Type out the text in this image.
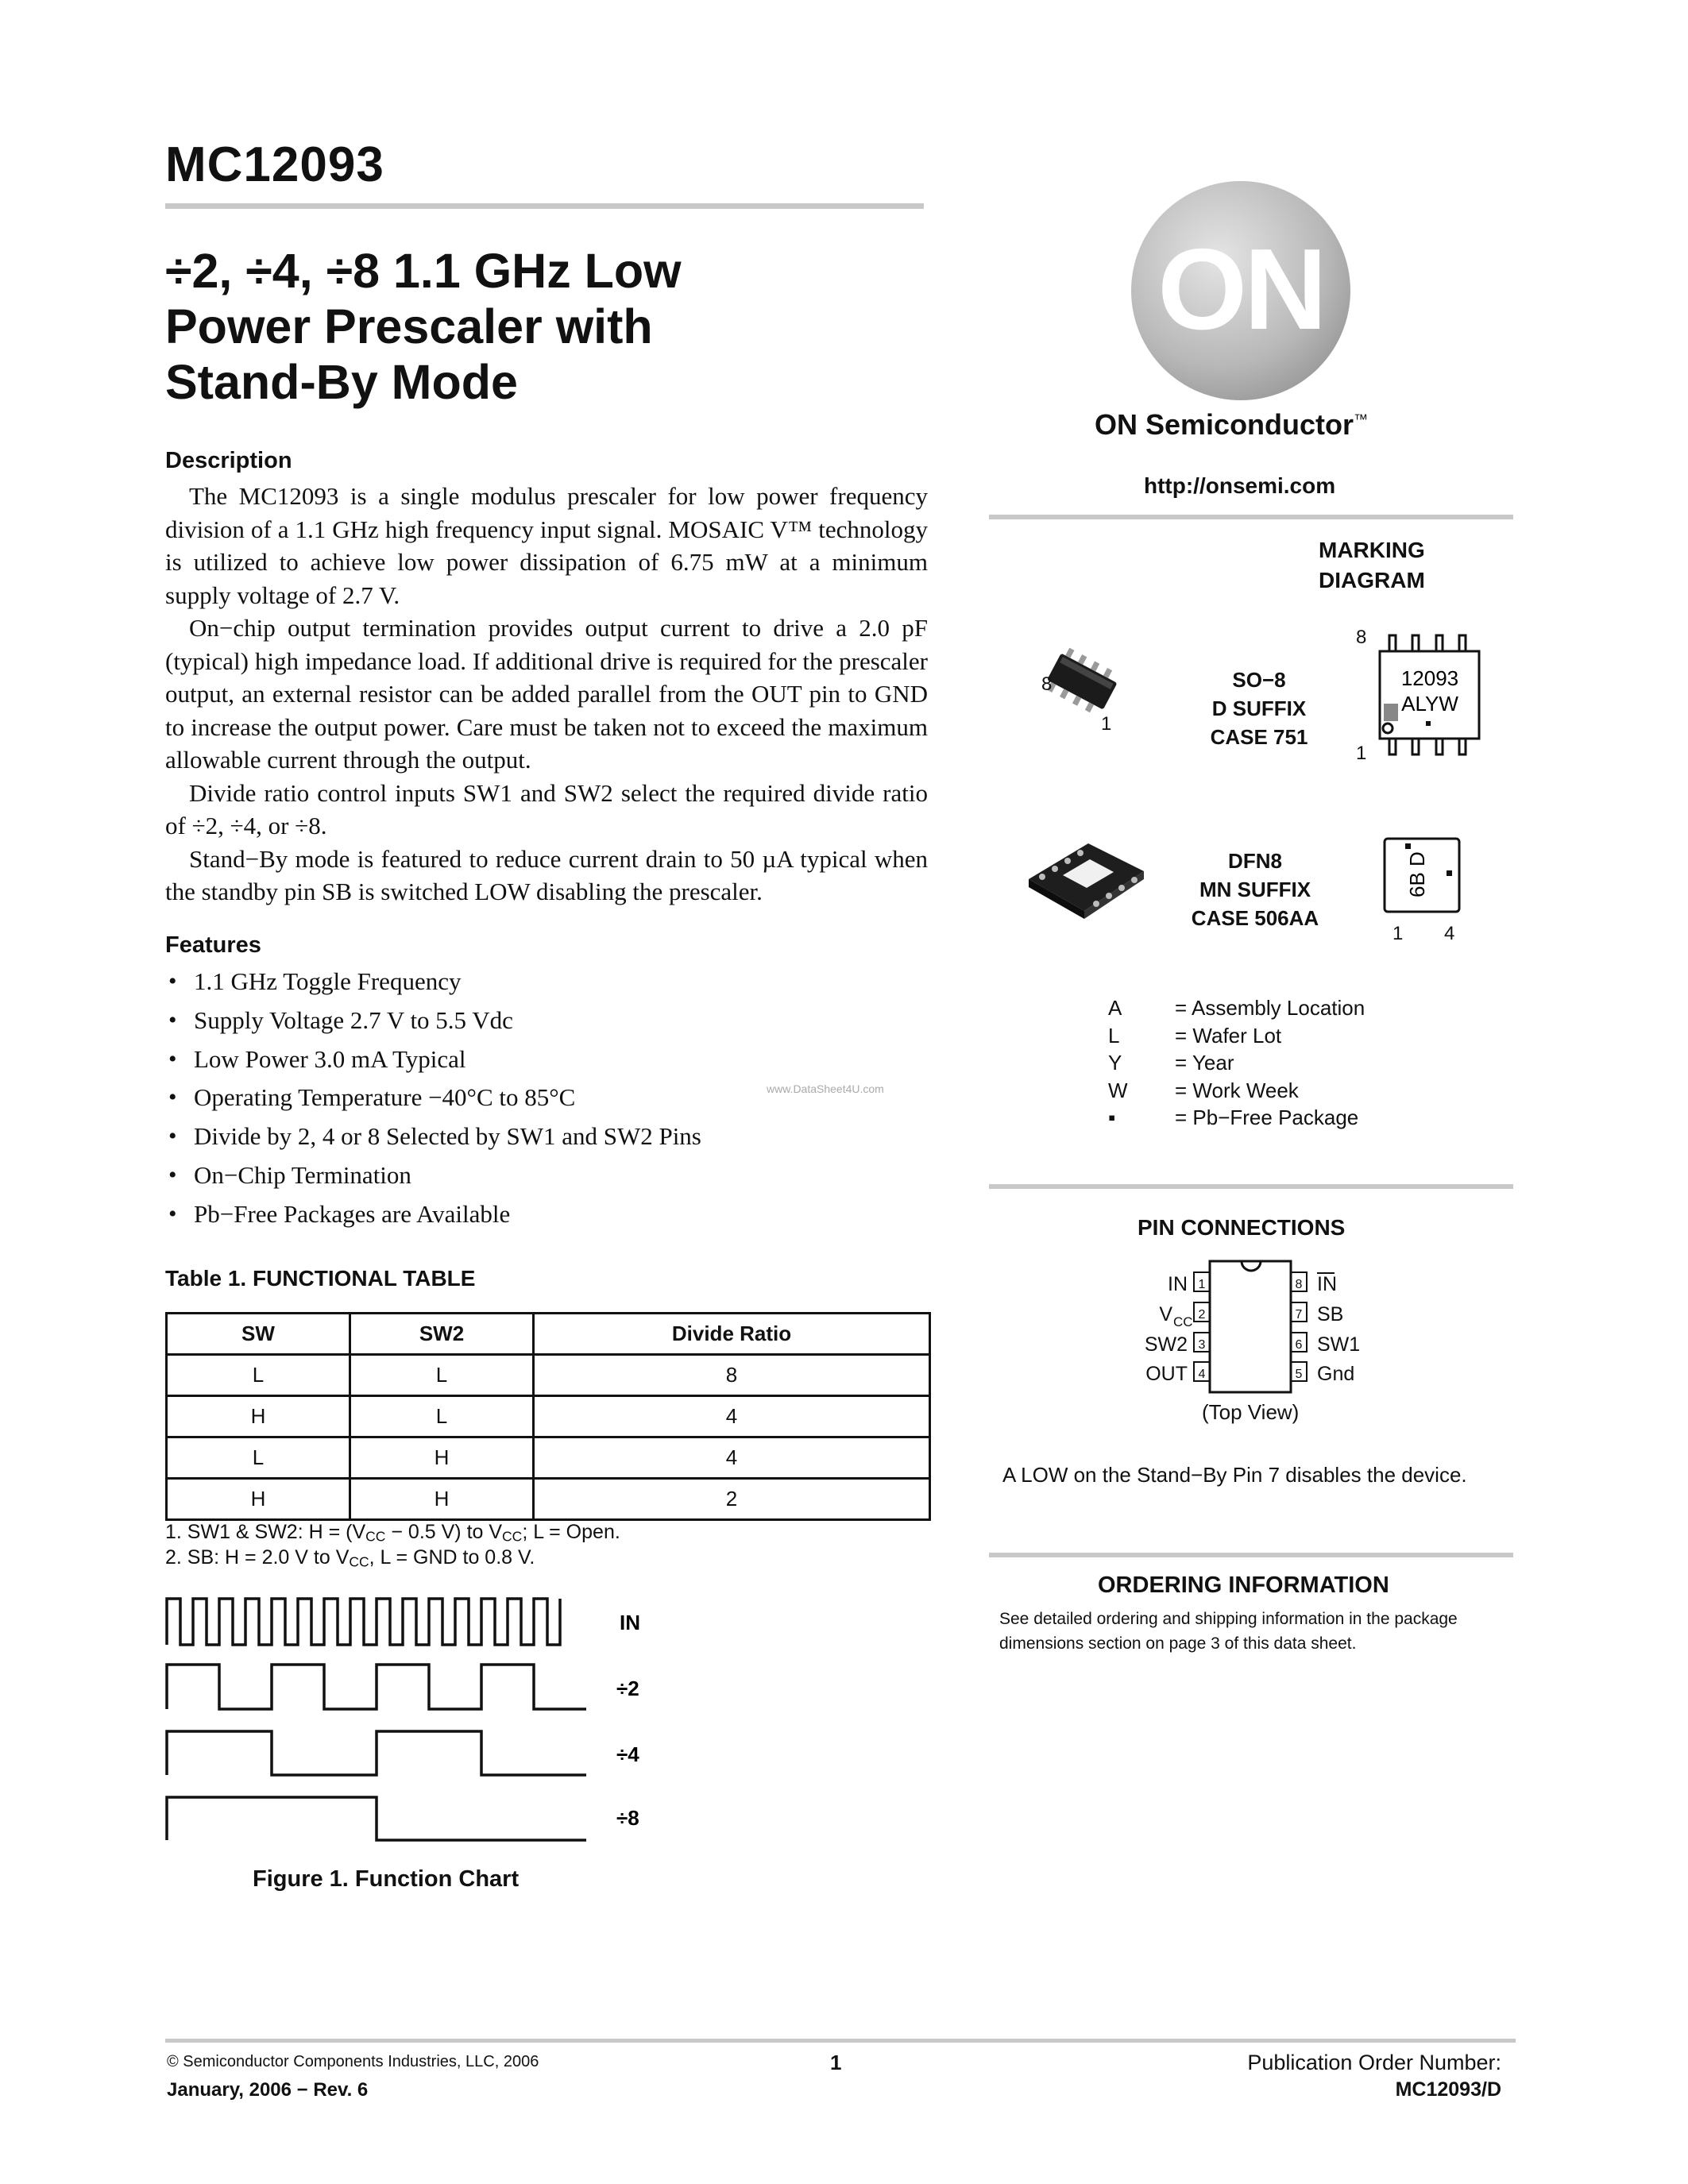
MC12093
÷2, ÷4, ÷8 1.1 GHz Low
Power Prescaler with
Stand-By Mode
Description

The MC12093 is a single modulus prescaler for low power frequency division of a 1.1 GHz high frequency input signal. MOSAIC V™ technology is utilized to achieve low power dissipation of 6.75 mW at a minimum supply voltage of 2.7 V.

On−chip output termination provides output current to drive a 2.0 pF (typical) high impedance load. If additional drive is required for the prescaler output, an external resistor can be added parallel from the OUT pin to GND to increase the output power. Care must be taken not to exceed the maximum allowable current through the output.

Divide ratio control inputs SW1 and SW2 select the required divide ratio of ÷2, ÷4, or ÷8.

Stand−By mode is featured to reduce current drain to 50 µA typical when the standby pin SB is switched LOW disabling the prescaler.

Features
• 1.1 GHz Toggle Frequency
• Supply Voltage 2.7 V to 5.5 Vdc
• Low Power 3.0 mA Typical
• Operating Temperature −40°C to 85°C
• Divide by 2, 4 or 8 Selected by SW1 and SW2 Pins
• On−Chip Termination
• Pb−Free Packages are Available
www.DataSheet4U.com
Table 1. FUNCTIONAL TABLE
SW	SW2	Divide Ratio
L	L	8
H	L	4
L	H	4
H	H	2
1. SW1 & SW2: $H = (V_{CC} - 0.5$ V) to $V_{CC}$; L = Open.
2. SB: H = 2.0 V to $V_{CC}$, L = GND to 0.8 V.
IN
÷2
÷4
÷8
Figure 1. Function Chart
ON
ON Semiconductor™
http://onsemi.com
MARKING
DIAGRAM
8
1
SO−8
D SUFFIX
CASE 751
8
1
12093
ALYW
DFN8
MN SUFFIX
CASE 506AA
6B D
1 4
A	= Assembly Location
L	= Wafer Lot
Y	= Year
W = Work Week
▪	= Pb−Free Package
PIN CONNECTIONS
1
2
3
4
8
7
6
5
IN
V CC
SW2
OUT
IN
SB
SW1
Gnd
(Top View)
A LOW on the Stand−By Pin 7 disables the device.
ORDERING INFORMATION
See detailed ordering and shipping information in the package dimensions section on page 3 of this data sheet.
© Semiconductor Components Industries, LLC, 2006
January, 2006 − Rev. 6
1	Publication Order Number:
MC12093/D
